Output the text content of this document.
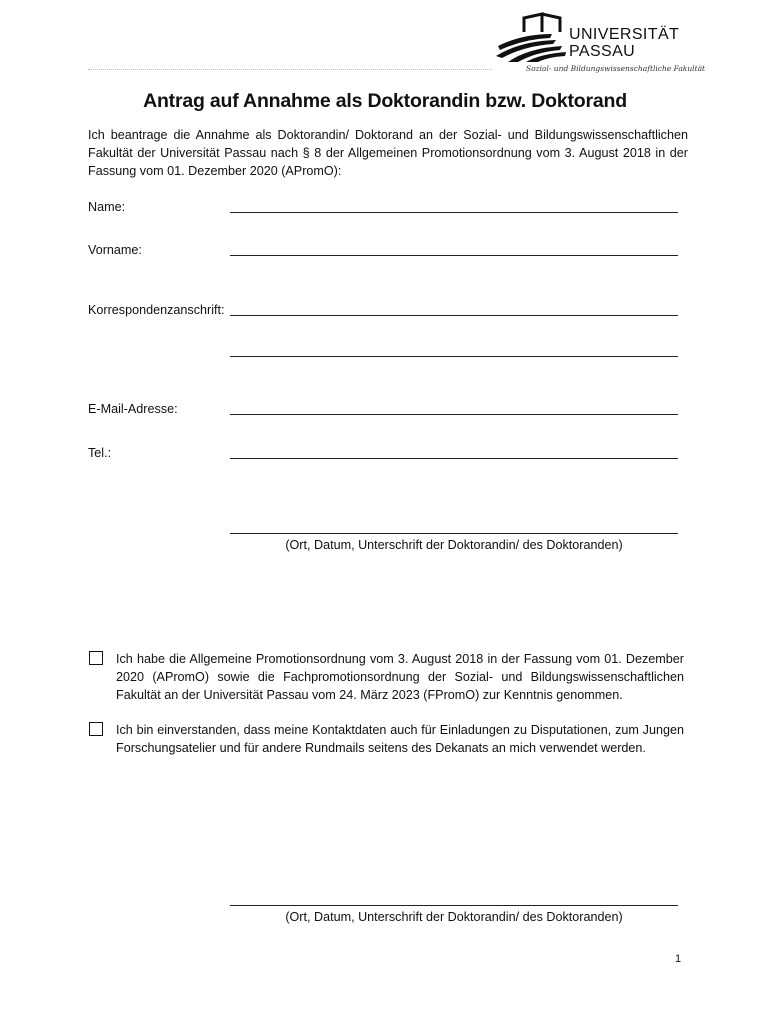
UNIVERSITÄT
PASSAU
Sozial- und Bildungswissenschaftliche Fakultät
Antrag auf Annahme als Doktorandin bzw. Doktorand
Ich beantrage die Annahme als Doktorandin/ Doktorand an der Sozial- und Bildungswissenschaftlichen Fakultät der Universität Passau nach § 8 der Allgemeinen Promotionsordnung vom 3. August 2018 in der Fassung vom 01. Dezember 2020 (APromO):
Name:
Vorname:
Korrespondenzanschrift:
E-Mail-Adresse:
Tel.:
(Ort, Datum, Unterschrift der Doktorandin/ des Doktoranden)
Ich habe die Allgemeine Promotionsordnung vom 3. August 2018 in der Fassung vom 01. Dezember 2020 (APromO) sowie die Fachpromotionsordnung der Sozial- und Bildungswissenschaftlichen Fakultät an der Universität Passau vom 24. März 2023 (FPromO) zur Kenntnis genommen.
Ich bin einverstanden, dass meine Kontaktdaten auch für Einladungen zu Disputationen, zum Jungen Forschungsatelier und für andere Rundmails seitens des Dekanats an mich verwendet werden.
(Ort, Datum, Unterschrift der Doktorandin/ des Doktoranden)
1
